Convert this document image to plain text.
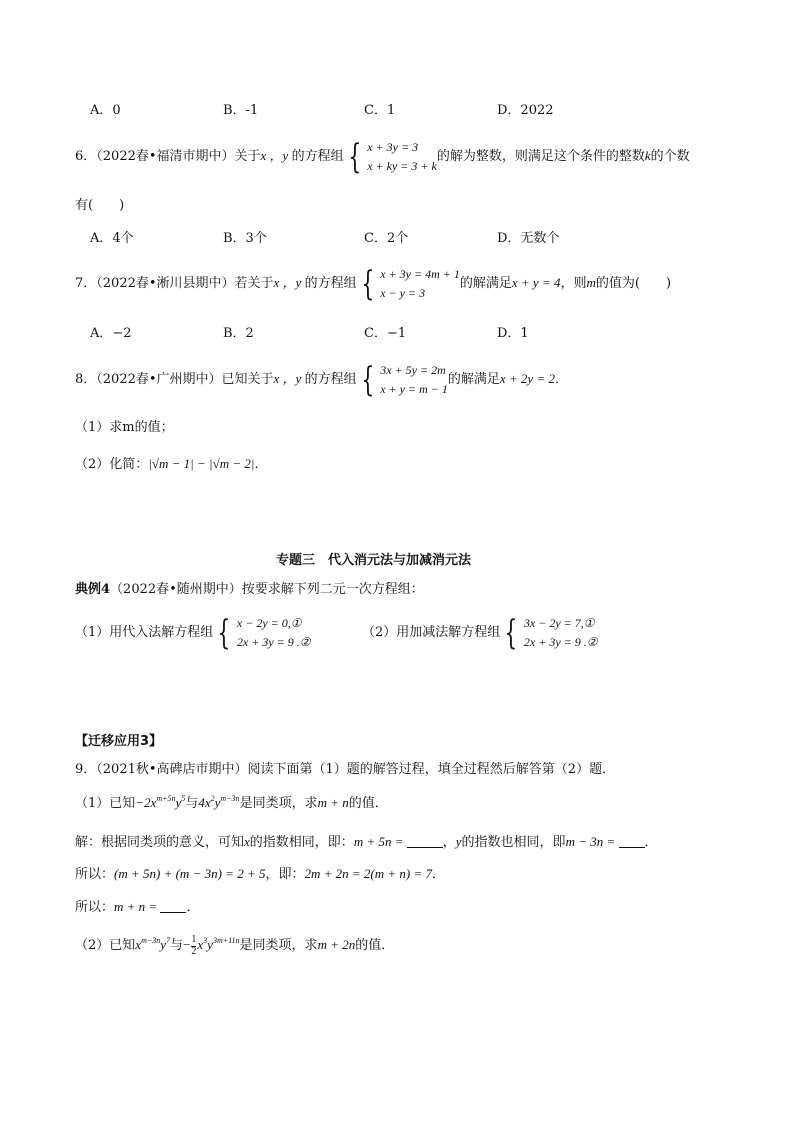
A．0	B．-1	C．1	D．2022
6．（2022春•福清市期中）关于x ，y 的方程组 { x + 3y = 3
x + ky = 3 + k
的解为整数，则满足这个条件的整数k的个数
有(　　)
A．4个	B．3个	C．2个	D．无数个
7．（2022春•淅川县期中）若关于x ，y 的方程组 { x + 3y = 4m + 1
x − y = 3
的解满足x + y = 4，则m的值为(　　)
A．−2	B．2	C．−1	D．1
8．（2022春•广州期中）已知关于x ，y 的方程组 { 3x + 5y = 2m
x + y = m − 1
的解满足x + 2y = 2．
（1）求m的值；
（2）化简：|√m − 1| − |√m − 2|．
专题三　代入消元法与加减消元法
典例4（2022春•随州期中）按要求解下列二元一次方程组：
（1）用代入法解方程组 { x − 2y = 0,①
2x + 3y = 9 .②
（2）用加减法解方程组 { 3x − 2y = 7,①
2x + 3y = 9 .②
【迁移应用3】
9．（2021秋•高碑店市期中）阅读下面第（1）题的解答过程，填全过程然后解答第（2）题．
（1）已知$-2x^{m+5n}y^5$与$4x^2y^{m-3n}$是同类项，求m + n的值．
解：根据同类项的意义，可知x的指数相同，即：m + 5n =	，y的指数也相同，即m − 3n = ．
所以：(m + 5n) + (m − 3n) = 2 + 5，即：2m + 2n = 2(m + n) = 7．
所以：m + n = ．
（2）已知$x^{m-3n}y^7$与− $\frac{1}{2} x^3y^{3m+11n}$是同类项，求m + 2n的值．
